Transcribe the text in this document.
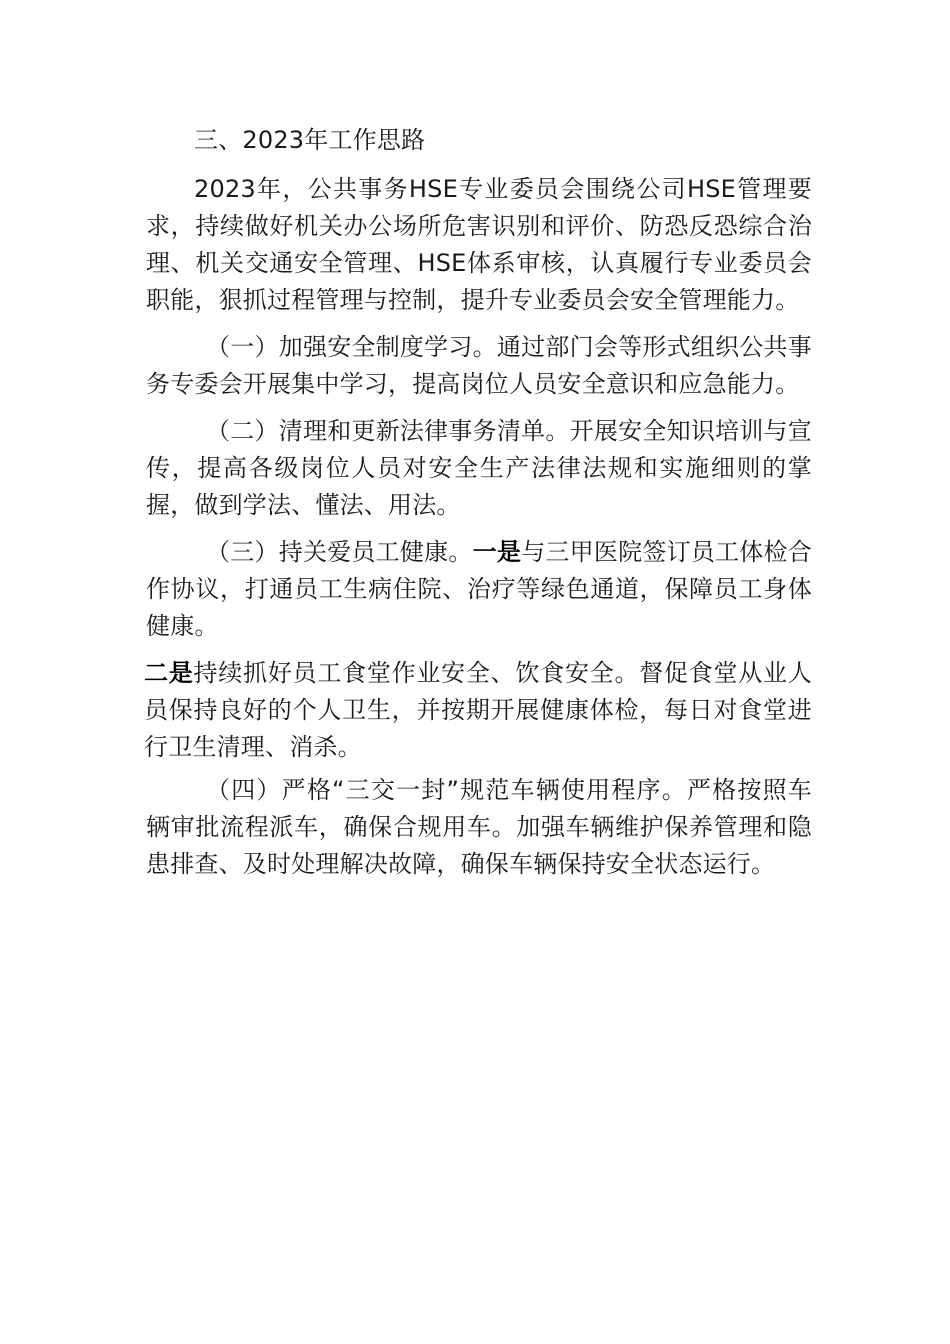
三、2023年工作思路

2023年，公共事务HSE专业委员会围绕公司HSE管理要求，持续做好机关办公场所危害识别和评价、防恐反恐综合治理、机关交通安全管理、HSE体系审核，认真履行专业委员会职能，狠抓过程管理与控制，提升专业委员会安全管理能力。

（一）加强安全制度学习。通过部门会等形式组织公共事务专委会开展集中学习，提高岗位人员安全意识和应急能力。

（二）清理和更新法律事务清单。开展安全知识培训与宣传，提高各级岗位人员对安全生产法律法规和实施细则的掌握，做到学法、懂法、用法。

（三）持关爱员工健康。一是与三甲医院签订员工体检合作协议，打通员工生病住院、治疗等绿色通道，保障员工身体健康。

二是持续抓好员工食堂作业安全、饮食安全。督促食堂从业人员保持良好的个人卫生，并按期开展健康体检，每日对食堂进行卫生清理、消杀。

（四）严格“三交一封”规范车辆使用程序。严格按照车辆审批流程派车，确保合规用车。加强车辆维护保养管理和隐患排查、及时处理解决故障，确保车辆保持安全状态运行。
